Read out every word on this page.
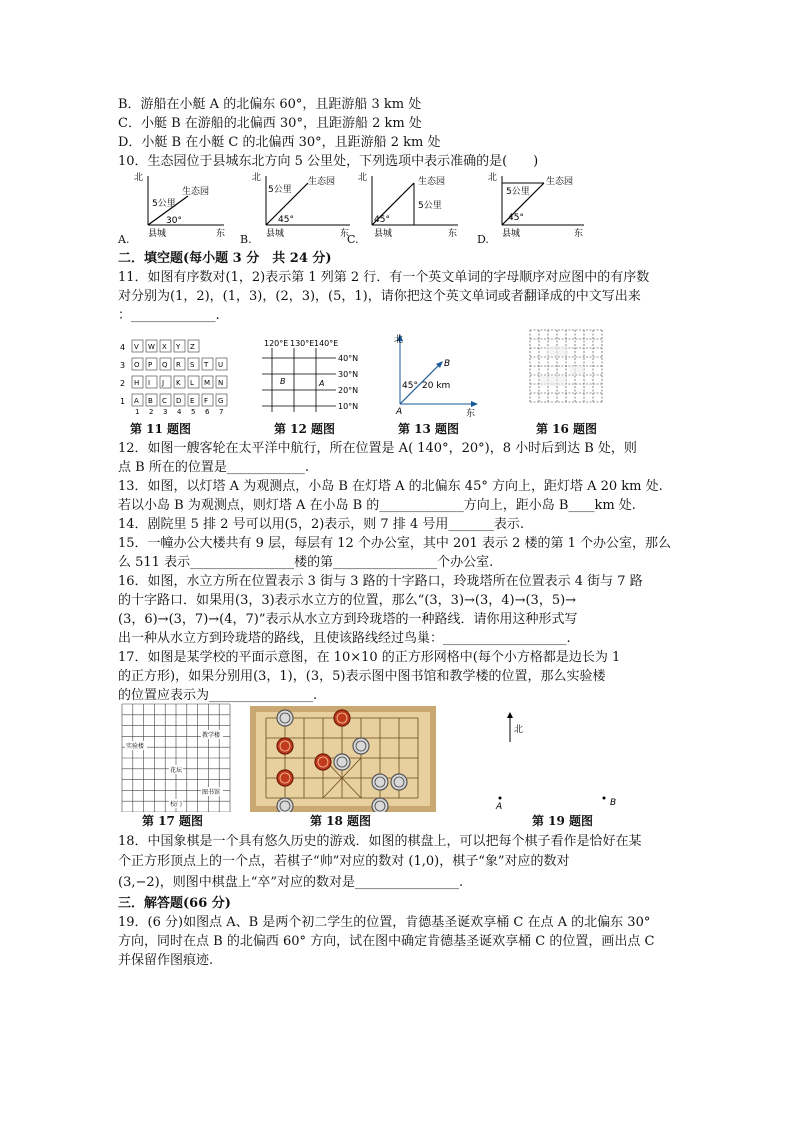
B．游船在小艇 A 的北偏东 60°，且距游船 3 km 处
C．小艇 B 在游船的北偏西 30°，且距游船 2 km 处
D．小艇 B 在小艇 C 的北偏西 30°，且距游船 2 km 处
10．生态园位于县城东北方向 5 公里处，下列选项中表示准确的是(　　)
北
东
县城
生态园
5公里
30°
北
东
县城
生态园
5公里
45°
北
东
县城
生态园
5公里
45°
北
东
县城
生态园
5公里
45°
A.	B.	C.	D.
二．填空题(每小题 3 分　共 24 分)
11．如图有序数对(1，2)表示第 1 列第 2 行．有一个英文单词的字母顺序对应图中的有序数
对分别为(1，2)，(1，3)，(2，3)，(5，1)，请你把这个英文单词或者翻译成的中文写出来
：_____________.
4 V W X Y Z
3 O P Q R S T U
2 H I J K L M N
1 A B C D E F G
1 2 3 4 5 6 7
120°E 130°E 140°E
40°N
30°N
20°N
10°N
B	A
北
东
45° 20 km
A
B
第 11 题图	第 12 题图	第 13 题图	第 16 题图
12．如图一艘客轮在太平洋中航行，所在位置是 A( 140°，20°)，8 小时后到达 B 处，则
点 B 所在的位置是____________.
13．如图，以灯塔 A 为观测点，小岛 B 在灯塔 A 的北偏东 45° 方向上，距灯塔 A 20 km 处.
若以小岛 B 为观测点，则灯塔 A 在小岛 B 的_____________方向上，距小岛 B____km 处.
14．剧院里 5 排 2 号可以用(5，2)表示，则 7 排 4 号用_______表示.
15．一幢办公大楼共有 9 层，每层有 12 个办公室，其中 201 表示 2 楼的第 1 个办公室，那么
么 511 表示________________楼的第________________个办公室.
16．如图，水立方所在位置表示 3 街与 3 路的十字路口，玲珑塔所在位置表示 4 街与 7 路
的十字路口．如果用(3，3)表示水立方的位置，那么“(3，3)→(3，4)→(3，5)→
(3，6)→(3，7)→(4，7)”表示从水立方到玲珑塔的一种路线．请你用这种形式写
出一种从水立方到玲珑塔的路线，且使该路线经过鸟巢：___________________.
17．如图是某学校的平面示意图，在 10×10 的正方形网格中(每个小方格都是边长为 1
的正方形)，如果分别用(3，1)，(3，5)表示图中图书馆和教学楼的位置，那么实验楼
的位置应表示为________________.
实验楼
教学楼
花坛
图书馆
校门
北
A	B
第 17 题图	第 18 题图	第 19 题图
18．中国象棋是一个具有悠久历史的游戏．如图的棋盘上，可以把每个棋子看作是恰好在某
个正方形顶点上的一个点，若棋子“帅”对应的数对 (1,0)，棋子“象”对应的数对
(3,−2)，则图中棋盘上“卒”对应的数对是________________.
三．解答题(66 分)
19．(6 分)如图点 A、B 是两个初二学生的位置，肯德基圣诞欢享桶 C 在点 A 的北偏东 30°
方向，同时在点 B 的北偏西 60° 方向，试在图中确定肯德基圣诞欢享桶 C 的位置，画出点 C
并保留作图痕迹.
